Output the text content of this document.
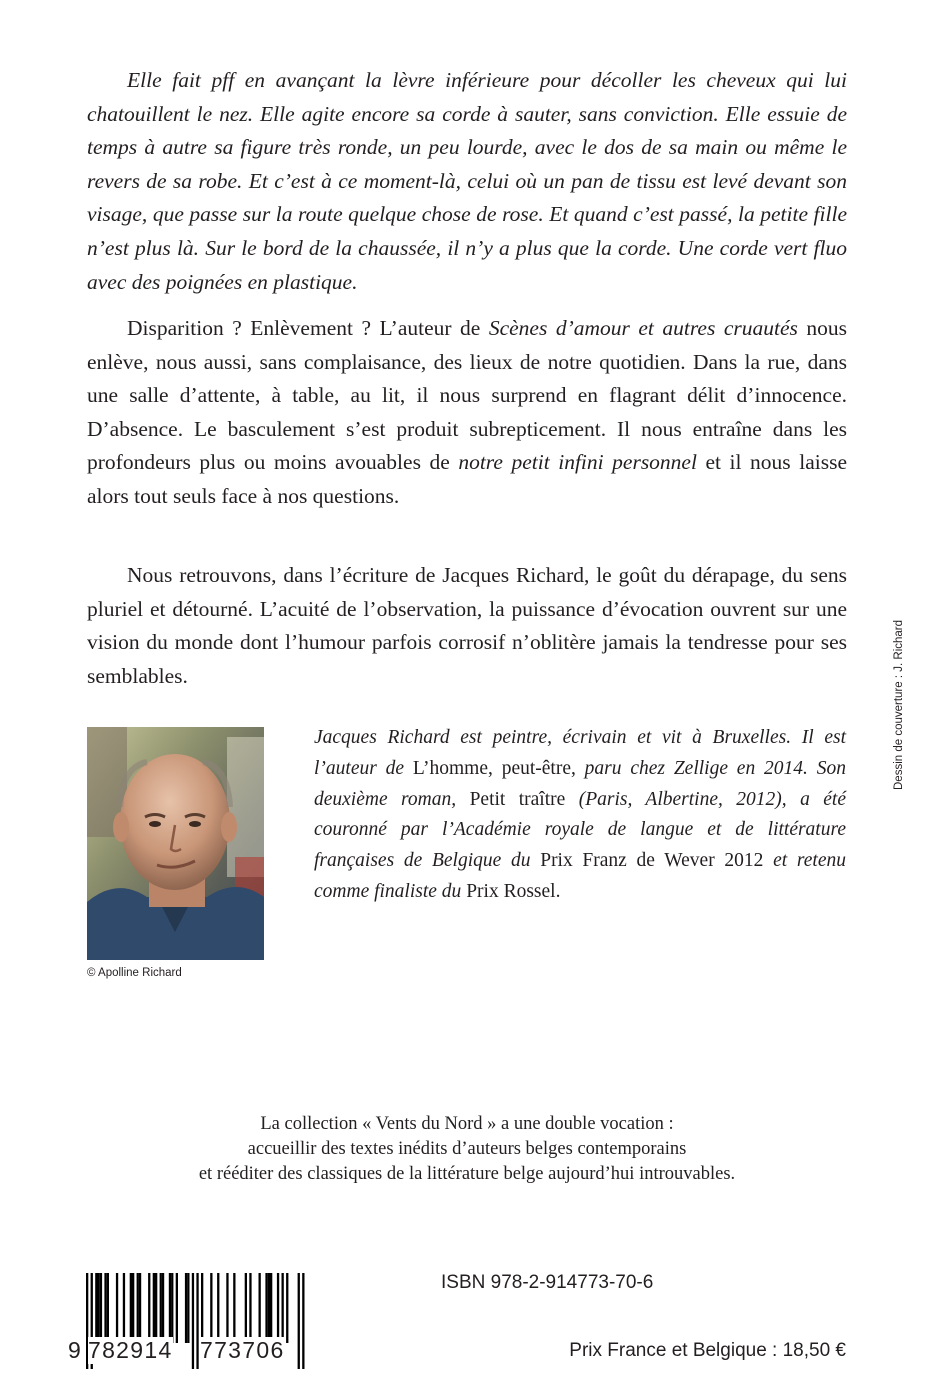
Elle fait pff en avançant la lèvre inférieure pour décoller les cheveux qui lui chatouillent le nez. Elle agite encore sa corde à sauter, sans conviction. Elle essuie de temps à autre sa figure très ronde, un peu lourde, avec le dos de sa main ou même le revers de sa robe. Et c’est à ce moment-là, celui où un pan de tissu est levé devant son visage, que passe sur la route quelque chose de rose. Et quand c’est passé, la petite fille n’est plus là. Sur le bord de la chaussée, il n’y a plus que la corde. Une corde vert fluo avec des poignées en plastique.

Disparition ? Enlèvement ? L’auteur de Scènes d’amour et autres cruautés nous enlève, nous aussi, sans complaisance, des lieux de notre quotidien. Dans la rue, dans une salle d’attente, à table, au lit, il nous surprend en flagrant délit d’innocence. D’absence. Le basculement s’est produit subrepticement. Il nous entraîne dans les profondeurs plus ou moins avouables de notre petit infini personnel et il nous laisse alors tout seuls face à nos questions.

Nous retrouvons, dans l’écriture de Jacques Richard, le goût du dérapage, du sens pluriel et détourné. L’acuité de l’observation, la puissance d’évocation ouvrent sur une vision du monde dont l’humour parfois corrosif n’oblitère jamais la tendresse pour ses semblables.	Dessin de couverture : J. Richard
© Apolline Richard

Jacques Richard est peintre, écrivain et vit à Bruxelles. Il est l’auteur de L’homme, peut-être, paru chez Zellige en 2014. Son deuxième roman, Petit traître (Paris, Albertine, 2012), a été couronné par l’Académie royale de langue et de littérature françaises de Belgique du Prix Franz de Wever 2012 et retenu comme finaliste du Prix Rossel.

La collection « Vents du Nord » a une double vocation :
accueillir des textes inédits d’auteurs belges contemporains
et rééditer des classiques de la littérature belge aujourd’hui introuvables.
9 782914 773706
ISBN 978-2-914773-70-6
Prix France et Belgique : 18,50 €
